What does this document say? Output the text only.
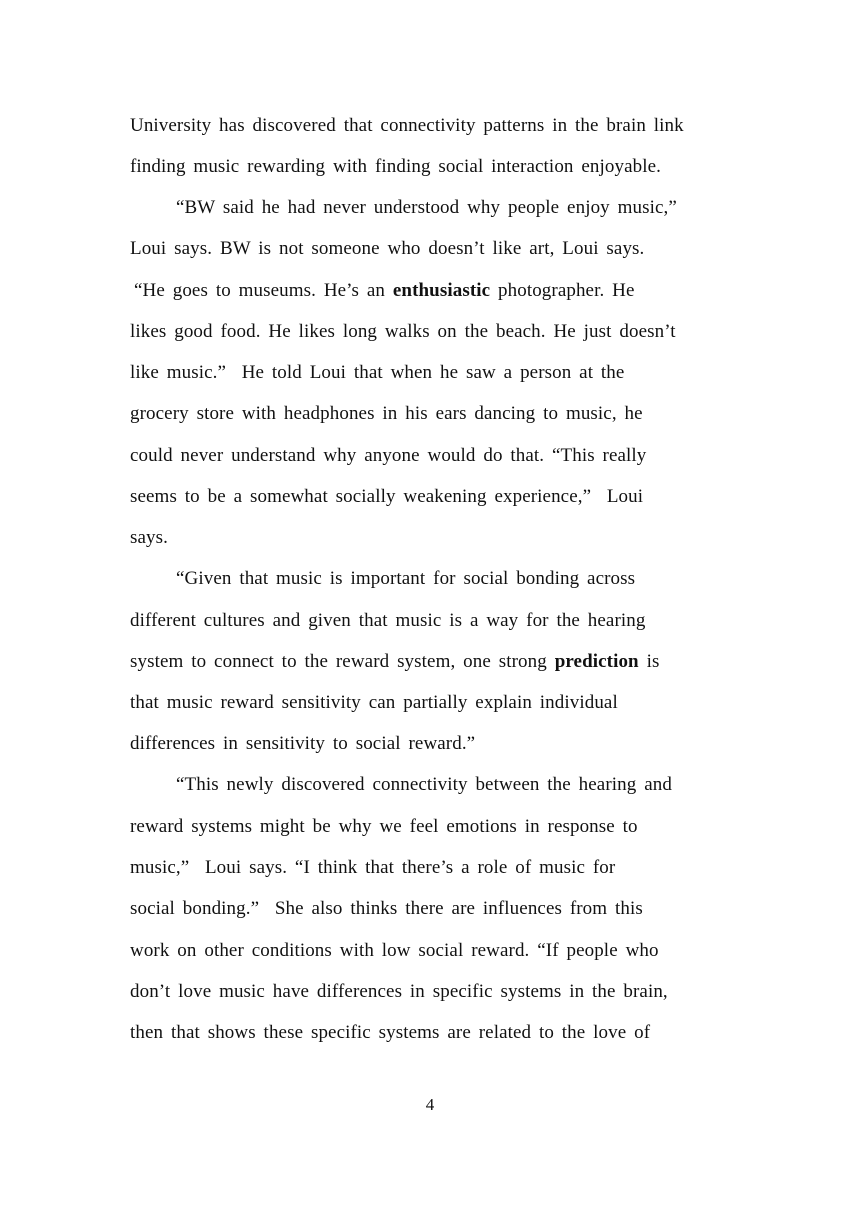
University has discovered that connectivity patterns in the brain link
finding music rewarding with finding social interaction enjoyable.
“BW said he had never understood why people enjoy music,”
Loui says. BW is not someone who doesn’t like art, Loui says.
“He goes to museums. He’s an enthusiastic photographer. He
likes good food. He likes long walks on the beach. He just doesn’t
like music.”  He told Loui that when he saw a person at the
grocery store with headphones in his ears dancing to music, he
could never understand why anyone would do that. “This really
seems to be a somewhat socially weakening experience,”  Loui
says.
“Given that music is important for social bonding across
different cultures and given that music is a way for the hearing
system to connect to the reward system, one strong prediction is
that music reward sensitivity can partially explain individual
differences in sensitivity to social reward.”
“This newly discovered connectivity between the hearing and
reward systems might be why we feel emotions in response to
music,”  Loui says. “I think that there’s a role of music for
social bonding.”  She also thinks there are influences from this
work on other conditions with low social reward. “If people who
don’t love music have differences in specific systems in the brain,
then that shows these specific systems are related to the love of
4
